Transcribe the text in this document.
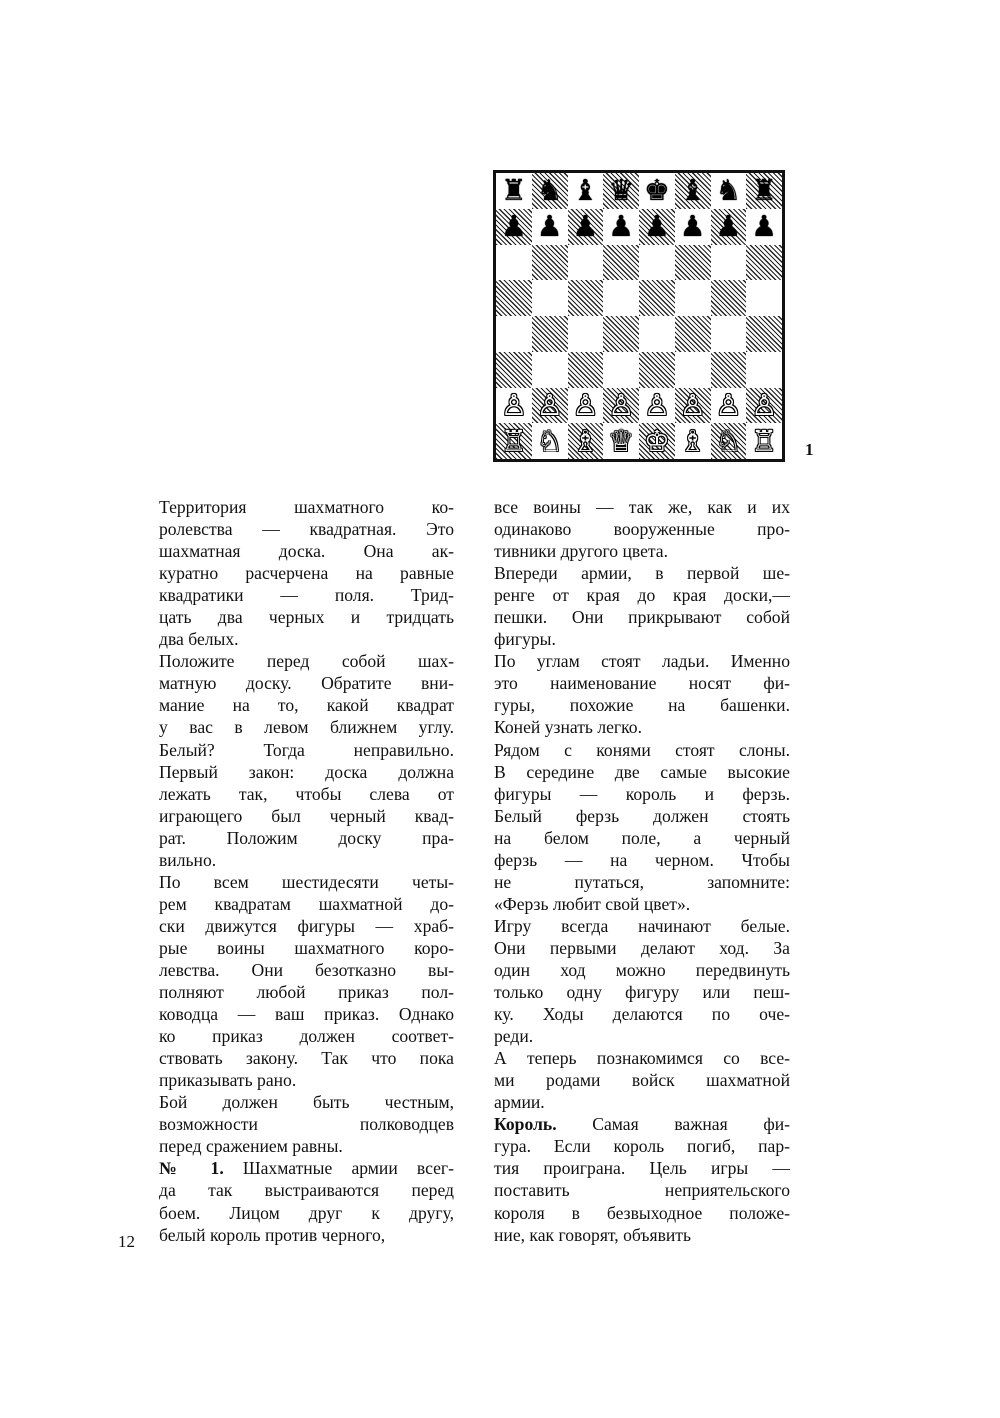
♜ ♞ ♝ ♛ ♚ ♝ ♞ ♜
♟ ♟ ♟ ♟ ♟ ♟ ♟ ♟
♙ ♙ ♙ ♙ ♙ ♙ ♙ ♙
♖ ♘ ♗ ♕ ♔ ♗ ♘ ♖ 1

Территория шахматного ко-
ролевства — квадратная. Это
шахматная доска. Она ак-
куратно расчерчена на равные
квадратики — поля. Трид-
цать два черных и тридцать
два белых.

Положите перед собой шах-
матную доску. Обратите вни-
мание на то, какой квадрат
у вас в левом ближнем углу.
Белый? Тогда неправильно.
Первый закон: доска должна
лежать так, чтобы слева от
играющего был черный квад-
рат. Положим доску пра-
вильно.

По всем шестидесяти четы-
рем квадратам шахматной до-
ски движутся фигуры — храб-
рые воины шахматного коро-
левства. Они безотказно вы-
полняют любой приказ пол-
ководца — ваш приказ. Однако
ко приказ должен соответ-
ствовать закону. Так что пока
приказывать рано.

Бой должен быть честным,
возможности полководцев
перед сражением равны.

№ 1. Шахматные армии всег-
да так выстраиваются перед
боем. Лицом друг к другу,
белый король против черного,

все воины — так же, как и их
одинаково вооруженные про-
тивники другого цвета.

Впереди армии, в первой ше-
ренге от края до края доски,—
пешки. Они прикрывают собой
фигуры.

По углам стоят ладьи. Именно
это наименование носят фи-
гуры, похожие на башенки.
Коней узнать легко.

Рядом с конями стоят слоны.
В середине две самые высокие
фигуры — король и ферзь.
Белый ферзь должен стоять
на белом поле, а черный
ферзь — на черном. Чтобы
не путаться, запомните:
«Ферзь любит свой цвет».

Игру всегда начинают белые.
Они первыми делают ход. За
один ход можно передвинуть
только одну фигуру или пеш-
ку. Ходы делаются по оче-
реди.

А теперь познакомимся со все-
ми родами войск шахматной
армии.

Король. Самая важная фи-
гура. Если король погиб, пар-
тия проиграна. Цель игры —
поставить неприятельского
короля в безвыходное положе-
ние, как говорят, объявить

12
